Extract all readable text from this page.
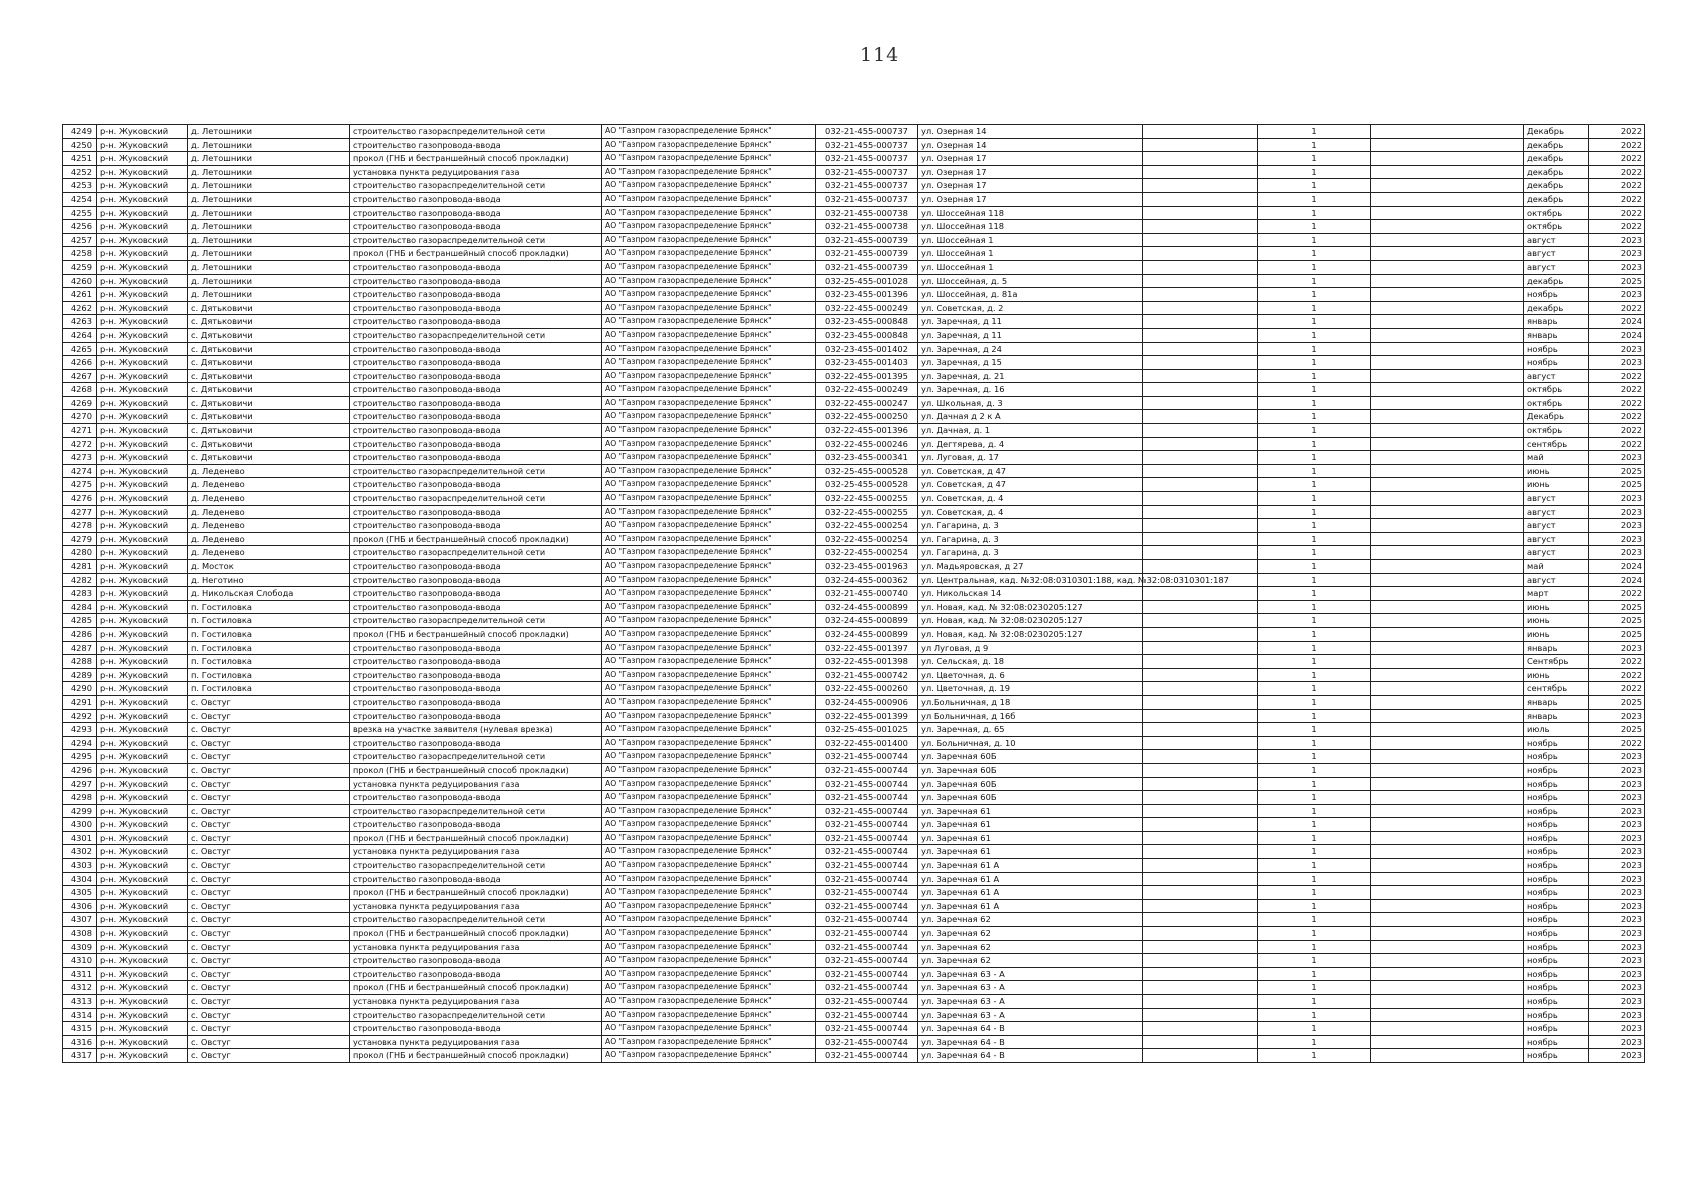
114
4249	р-н. Жуковский	д. Летошники	строительство газораспределительной сети	АО "Газпром газораспределение Брянск"	032-21-455-000737	ул. Озерная 14		1		Декабрь	2022
4250	р-н. Жуковский	д. Летошники	строительство газопровода-ввода	АО "Газпром газораспределение Брянск"	032-21-455-000737	ул. Озерная 14		1		декабрь	2022
4251	р-н. Жуковский	д. Летошники	прокол (ГНБ и бестраншейный способ прокладки)	АО "Газпром газораспределение Брянск"	032-21-455-000737	ул. Озерная 17		1		декабрь	2022
4252	р-н. Жуковский	д. Летошники	установка пункта редуцирования газа	АО "Газпром газораспределение Брянск"	032-21-455-000737	ул. Озерная 17		1		декабрь	2022
4253	р-н. Жуковский	д. Летошники	строительство газораспределительной сети	АО "Газпром газораспределение Брянск"	032-21-455-000737	ул. Озерная 17		1		декабрь	2022
4254	р-н. Жуковский	д. Летошники	строительство газопровода-ввода	АО "Газпром газораспределение Брянск"	032-21-455-000737	ул. Озерная 17		1		декабрь	2022
4255	р-н. Жуковский	д. Летошники	строительство газопровода-ввода	АО "Газпром газораспределение Брянск"	032-21-455-000738	ул. Шоссейная 118		1		октябрь	2022
4256	р-н. Жуковский	д. Летошники	строительство газопровода-ввода	АО "Газпром газораспределение Брянск"	032-21-455-000738	ул. Шоссейная 118		1		октябрь	2022
4257	р-н. Жуковский	д. Летошники	строительство газораспределительной сети	АО "Газпром газораспределение Брянск"	032-21-455-000739	ул. Шоссейная 1		1		август	2023
4258	р-н. Жуковский	д. Летошники	прокол (ГНБ и бестраншейный способ прокладки)	АО "Газпром газораспределение Брянск"	032-21-455-000739	ул. Шоссейная 1		1		август	2023
4259	р-н. Жуковский	д. Летошники	строительство газопровода-ввода	АО "Газпром газораспределение Брянск"	032-21-455-000739	ул. Шоссейная 1		1		август	2023
4260	р-н. Жуковский	д. Летошники	строительство газопровода-ввода	АО "Газпром газораспределение Брянск"	032-25-455-001028	ул. Шоссейная, д. 5		1		декабрь	2025
4261	р-н. Жуковский	д. Летошники	строительство газопровода-ввода	АО "Газпром газораспределение Брянск"	032-23-455-001396	ул. Шоссейная, д. 81а		1		ноябрь	2023
4262	р-н. Жуковский	с. Дятьковичи	строительство газопровода-ввода	АО "Газпром газораспределение Брянск"	032-22-455-000249	ул. Советская, д. 2		1		декабрь	2022
4263	р-н. Жуковский	с. Дятьковичи	строительство газопровода-ввода	АО "Газпром газораспределение Брянск"	032-23-455-000848	ул. Заречная, д 11		1		январь	2024
4264	р-н. Жуковский	с. Дятьковичи	строительство газораспределительной сети	АО "Газпром газораспределение Брянск"	032-23-455-000848	ул. Заречная, д 11		1		январь	2024
4265	р-н. Жуковский	с. Дятьковичи	строительство газопровода-ввода	АО "Газпром газораспределение Брянск"	032-23-455-001402	ул. Заречная, д 24		1		ноябрь	2023
4266	р-н. Жуковский	с. Дятьковичи	строительство газопровода-ввода	АО "Газпром газораспределение Брянск"	032-23-455-001403	ул. Заречная, д 15		1		ноябрь	2023
4267	р-н. Жуковский	с. Дятьковичи	строительство газопровода-ввода	АО "Газпром газораспределение Брянск"	032-22-455-001395	ул. Заречная, д. 21		1		август	2022
4268	р-н. Жуковский	с. Дятьковичи	строительство газопровода-ввода	АО "Газпром газораспределение Брянск"	032-22-455-000249	ул. Заречная, д. 16		1		октябрь	2022
4269	р-н. Жуковский	с. Дятьковичи	строительство газопровода-ввода	АО "Газпром газораспределение Брянск"	032-22-455-000247	ул. Школьная, д. 3		1		октябрь	2022
4270	р-н. Жуковский	с. Дятьковичи	строительство газопровода-ввода	АО "Газпром газораспределение Брянск"	032-22-455-000250	ул. Дачная д 2 к А		1		Декабрь	2022
4271	р-н. Жуковский	с. Дятьковичи	строительство газопровода-ввода	АО "Газпром газораспределение Брянск"	032-22-455-001396	ул. Дачная, д. 1		1		октябрь	2022
4272	р-н. Жуковский	с. Дятьковичи	строительство газопровода-ввода	АО "Газпром газораспределение Брянск"	032-22-455-000246	ул. Дегтярева, д. 4		1		сентябрь	2022
4273	р-н. Жуковский	с. Дятьковичи	строительство газопровода-ввода	АО "Газпром газораспределение Брянск"	032-23-455-000341	ул. Луговая, д. 17		1		май	2023
4274	р-н. Жуковский	д. Леденево	строительство газораспределительной сети	АО "Газпром газораспределение Брянск"	032-25-455-000528	ул. Советская, д 47		1		июнь	2025
4275	р-н. Жуковский	д. Леденево	строительство газопровода-ввода	АО "Газпром газораспределение Брянск"	032-25-455-000528	ул. Советская, д 47		1		июнь	2025
4276	р-н. Жуковский	д. Леденево	строительство газораспределительной сети	АО "Газпром газораспределение Брянск"	032-22-455-000255	ул. Советская, д. 4		1		август	2023
4277	р-н. Жуковский	д. Леденево	строительство газопровода-ввода	АО "Газпром газораспределение Брянск"	032-22-455-000255	ул. Советская, д. 4		1		август	2023
4278	р-н. Жуковский	д. Леденево	строительство газопровода-ввода	АО "Газпром газораспределение Брянск"	032-22-455-000254	ул. Гагарина, д. 3		1		август	2023
4279	р-н. Жуковский	д. Леденево	прокол (ГНБ и бестраншейный способ прокладки)	АО "Газпром газораспределение Брянск"	032-22-455-000254	ул. Гагарина, д. 3		1		август	2023
4280	р-н. Жуковский	д. Леденево	строительство газораспределительной сети	АО "Газпром газораспределение Брянск"	032-22-455-000254	ул. Гагарина, д. 3		1		август	2023
4281	р-н. Жуковский	д. Мосток	строительство газопровода-ввода	АО "Газпром газораспределение Брянск"	032-23-455-001963	ул. Мадьяровская, д 27		1		май	2024
4282	р-н. Жуковский	д. Неготино	строительство газопровода-ввода	АО "Газпром газораспределение Брянск"	032-24-455-000362	ул. Центральная, кад. №32:08:0310301:188, кад. №32:08:0310301:187		1		август	2024
4283	р-н. Жуковский	д. Никольская Слобода	строительство газопровода-ввода	АО "Газпром газораспределение Брянск"	032-21-455-000740	ул. Никольская 14		1		март	2022
4284	р-н. Жуковский	п. Гостиловка	строительство газопровода-ввода	АО "Газпром газораспределение Брянск"	032-24-455-000899	ул. Новая, кад. № 32:08:0230205:127		1		июнь	2025
4285	р-н. Жуковский	п. Гостиловка	строительство газораспределительной сети	АО "Газпром газораспределение Брянск"	032-24-455-000899	ул. Новая, кад. № 32:08:0230205:127		1		июнь	2025
4286	р-н. Жуковский	п. Гостиловка	прокол (ГНБ и бестраншейный способ прокладки)	АО "Газпром газораспределение Брянск"	032-24-455-000899	ул. Новая, кад. № 32:08:0230205:127		1		июнь	2025
4287	р-н. Жуковский	п. Гостиловка	строительство газопровода-ввода	АО "Газпром газораспределение Брянск"	032-22-455-001397	ул Луговая, д 9		1		январь	2023
4288	р-н. Жуковский	п. Гостиловка	строительство газопровода-ввода	АО "Газпром газораспределение Брянск"	032-22-455-001398	ул. Сельская, д. 18		1		Сентябрь	2022
4289	р-н. Жуковский	п. Гостиловка	строительство газопровода-ввода	АО "Газпром газораспределение Брянск"	032-21-455-000742	ул. Цветочная, д. 6		1		июнь	2022
4290	р-н. Жуковский	п. Гостиловка	строительство газопровода-ввода	АО "Газпром газораспределение Брянск"	032-22-455-000260	ул. Цветочная, д. 19		1		сентябрь	2022
4291	р-н. Жуковский	с. Овстуг	строительство газопровода-ввода	АО "Газпром газораспределение Брянск"	032-24-455-000906	ул.Больничная, д 18		1		январь	2025
4292	р-н. Жуковский	с. Овстуг	строительство газопровода-ввода	АО "Газпром газораспределение Брянск"	032-22-455-001399	ул Больничная, д 16б		1		январь	2023
4293	р-н. Жуковский	с. Овстуг	врезка на участке заявителя (нулевая врезка)	АО "Газпром газораспределение Брянск"	032-25-455-001025	ул. Заречная, д. 65		1		июль	2025
4294	р-н. Жуковский	с. Овстуг	строительство газопровода-ввода	АО "Газпром газораспределение Брянск"	032-22-455-001400	ул. Больничная, д. 10		1		ноябрь	2022
4295	р-н. Жуковский	с. Овстуг	строительство газораспределительной сети	АО "Газпром газораспределение Брянск"	032-21-455-000744	ул. Заречная 60Б		1		ноябрь	2023
4296	р-н. Жуковский	с. Овстуг	прокол (ГНБ и бестраншейный способ прокладки)	АО "Газпром газораспределение Брянск"	032-21-455-000744	ул. Заречная 60Б		1		ноябрь	2023
4297	р-н. Жуковский	с. Овстуг	установка пункта редуцирования газа	АО "Газпром газораспределение Брянск"	032-21-455-000744	ул. Заречная 60Б		1		ноябрь	2023
4298	р-н. Жуковский	с. Овстуг	строительство газопровода-ввода	АО "Газпром газораспределение Брянск"	032-21-455-000744	ул. Заречная 60Б		1		ноябрь	2023
4299	р-н. Жуковский	с. Овстуг	строительство газораспределительной сети	АО "Газпром газораспределение Брянск"	032-21-455-000744	ул. Заречная 61		1		ноябрь	2023
4300	р-н. Жуковский	с. Овстуг	строительство газопровода-ввода	АО "Газпром газораспределение Брянск"	032-21-455-000744	ул. Заречная 61		1		ноябрь	2023
4301	р-н. Жуковский	с. Овстуг	прокол (ГНБ и бестраншейный способ прокладки)	АО "Газпром газораспределение Брянск"	032-21-455-000744	ул. Заречная 61		1		ноябрь	2023
4302	р-н. Жуковский	с. Овстуг	установка пункта редуцирования газа	АО "Газпром газораспределение Брянск"	032-21-455-000744	ул. Заречная 61		1		ноябрь	2023
4303	р-н. Жуковский	с. Овстуг	строительство газораспределительной сети	АО "Газпром газораспределение Брянск"	032-21-455-000744	ул. Заречная 61 А		1		ноябрь	2023
4304	р-н. Жуковский	с. Овстуг	строительство газопровода-ввода	АО "Газпром газораспределение Брянск"	032-21-455-000744	ул. Заречная 61 А		1		ноябрь	2023
4305	р-н. Жуковский	с. Овстуг	прокол (ГНБ и бестраншейный способ прокладки)	АО "Газпром газораспределение Брянск"	032-21-455-000744	ул. Заречная 61 А		1		ноябрь	2023
4306	р-н. Жуковский	с. Овстуг	установка пункта редуцирования газа	АО "Газпром газораспределение Брянск"	032-21-455-000744	ул. Заречная 61 А		1		ноябрь	2023
4307	р-н. Жуковский	с. Овстуг	строительство газораспределительной сети	АО "Газпром газораспределение Брянск"	032-21-455-000744	ул. Заречная 62		1		ноябрь	2023
4308	р-н. Жуковский	с. Овстуг	прокол (ГНБ и бестраншейный способ прокладки)	АО "Газпром газораспределение Брянск"	032-21-455-000744	ул. Заречная 62		1		ноябрь	2023
4309	р-н. Жуковский	с. Овстуг	установка пункта редуцирования газа	АО "Газпром газораспределение Брянск"	032-21-455-000744	ул. Заречная 62		1		ноябрь	2023
4310	р-н. Жуковский	с. Овстуг	строительство газопровода-ввода	АО "Газпром газораспределение Брянск"	032-21-455-000744	ул. Заречная 62		1		ноябрь	2023
4311	р-н. Жуковский	с. Овстуг	строительство газопровода-ввода	АО "Газпром газораспределение Брянск"	032-21-455-000744	ул. Заречная 63 - А		1		ноябрь	2023
4312	р-н. Жуковский	с. Овстуг	прокол (ГНБ и бестраншейный способ прокладки)	АО "Газпром газораспределение Брянск"	032-21-455-000744	ул. Заречная 63 - А		1		ноябрь	2023
4313	р-н. Жуковский	с. Овстуг	установка пункта редуцирования газа	АО "Газпром газораспределение Брянск"	032-21-455-000744	ул. Заречная 63 - А		1		ноябрь	2023
4314	р-н. Жуковский	с. Овстуг	строительство газораспределительной сети	АО "Газпром газораспределение Брянск"	032-21-455-000744	ул. Заречная 63 - А		1		ноябрь	2023
4315	р-н. Жуковский	с. Овстуг	строительство газопровода-ввода	АО "Газпром газораспределение Брянск"	032-21-455-000744	ул. Заречная 64 - В		1		ноябрь	2023
4316	р-н. Жуковский	с. Овстуг	установка пункта редуцирования газа	АО "Газпром газораспределение Брянск"	032-21-455-000744	ул. Заречная 64 - В		1		ноябрь	2023
4317	р-н. Жуковский	с. Овстуг	прокол (ГНБ и бестраншейный способ прокладки)	АО "Газпром газораспределение Брянск"	032-21-455-000744	ул. Заречная 64 - В		1		ноябрь	2023
